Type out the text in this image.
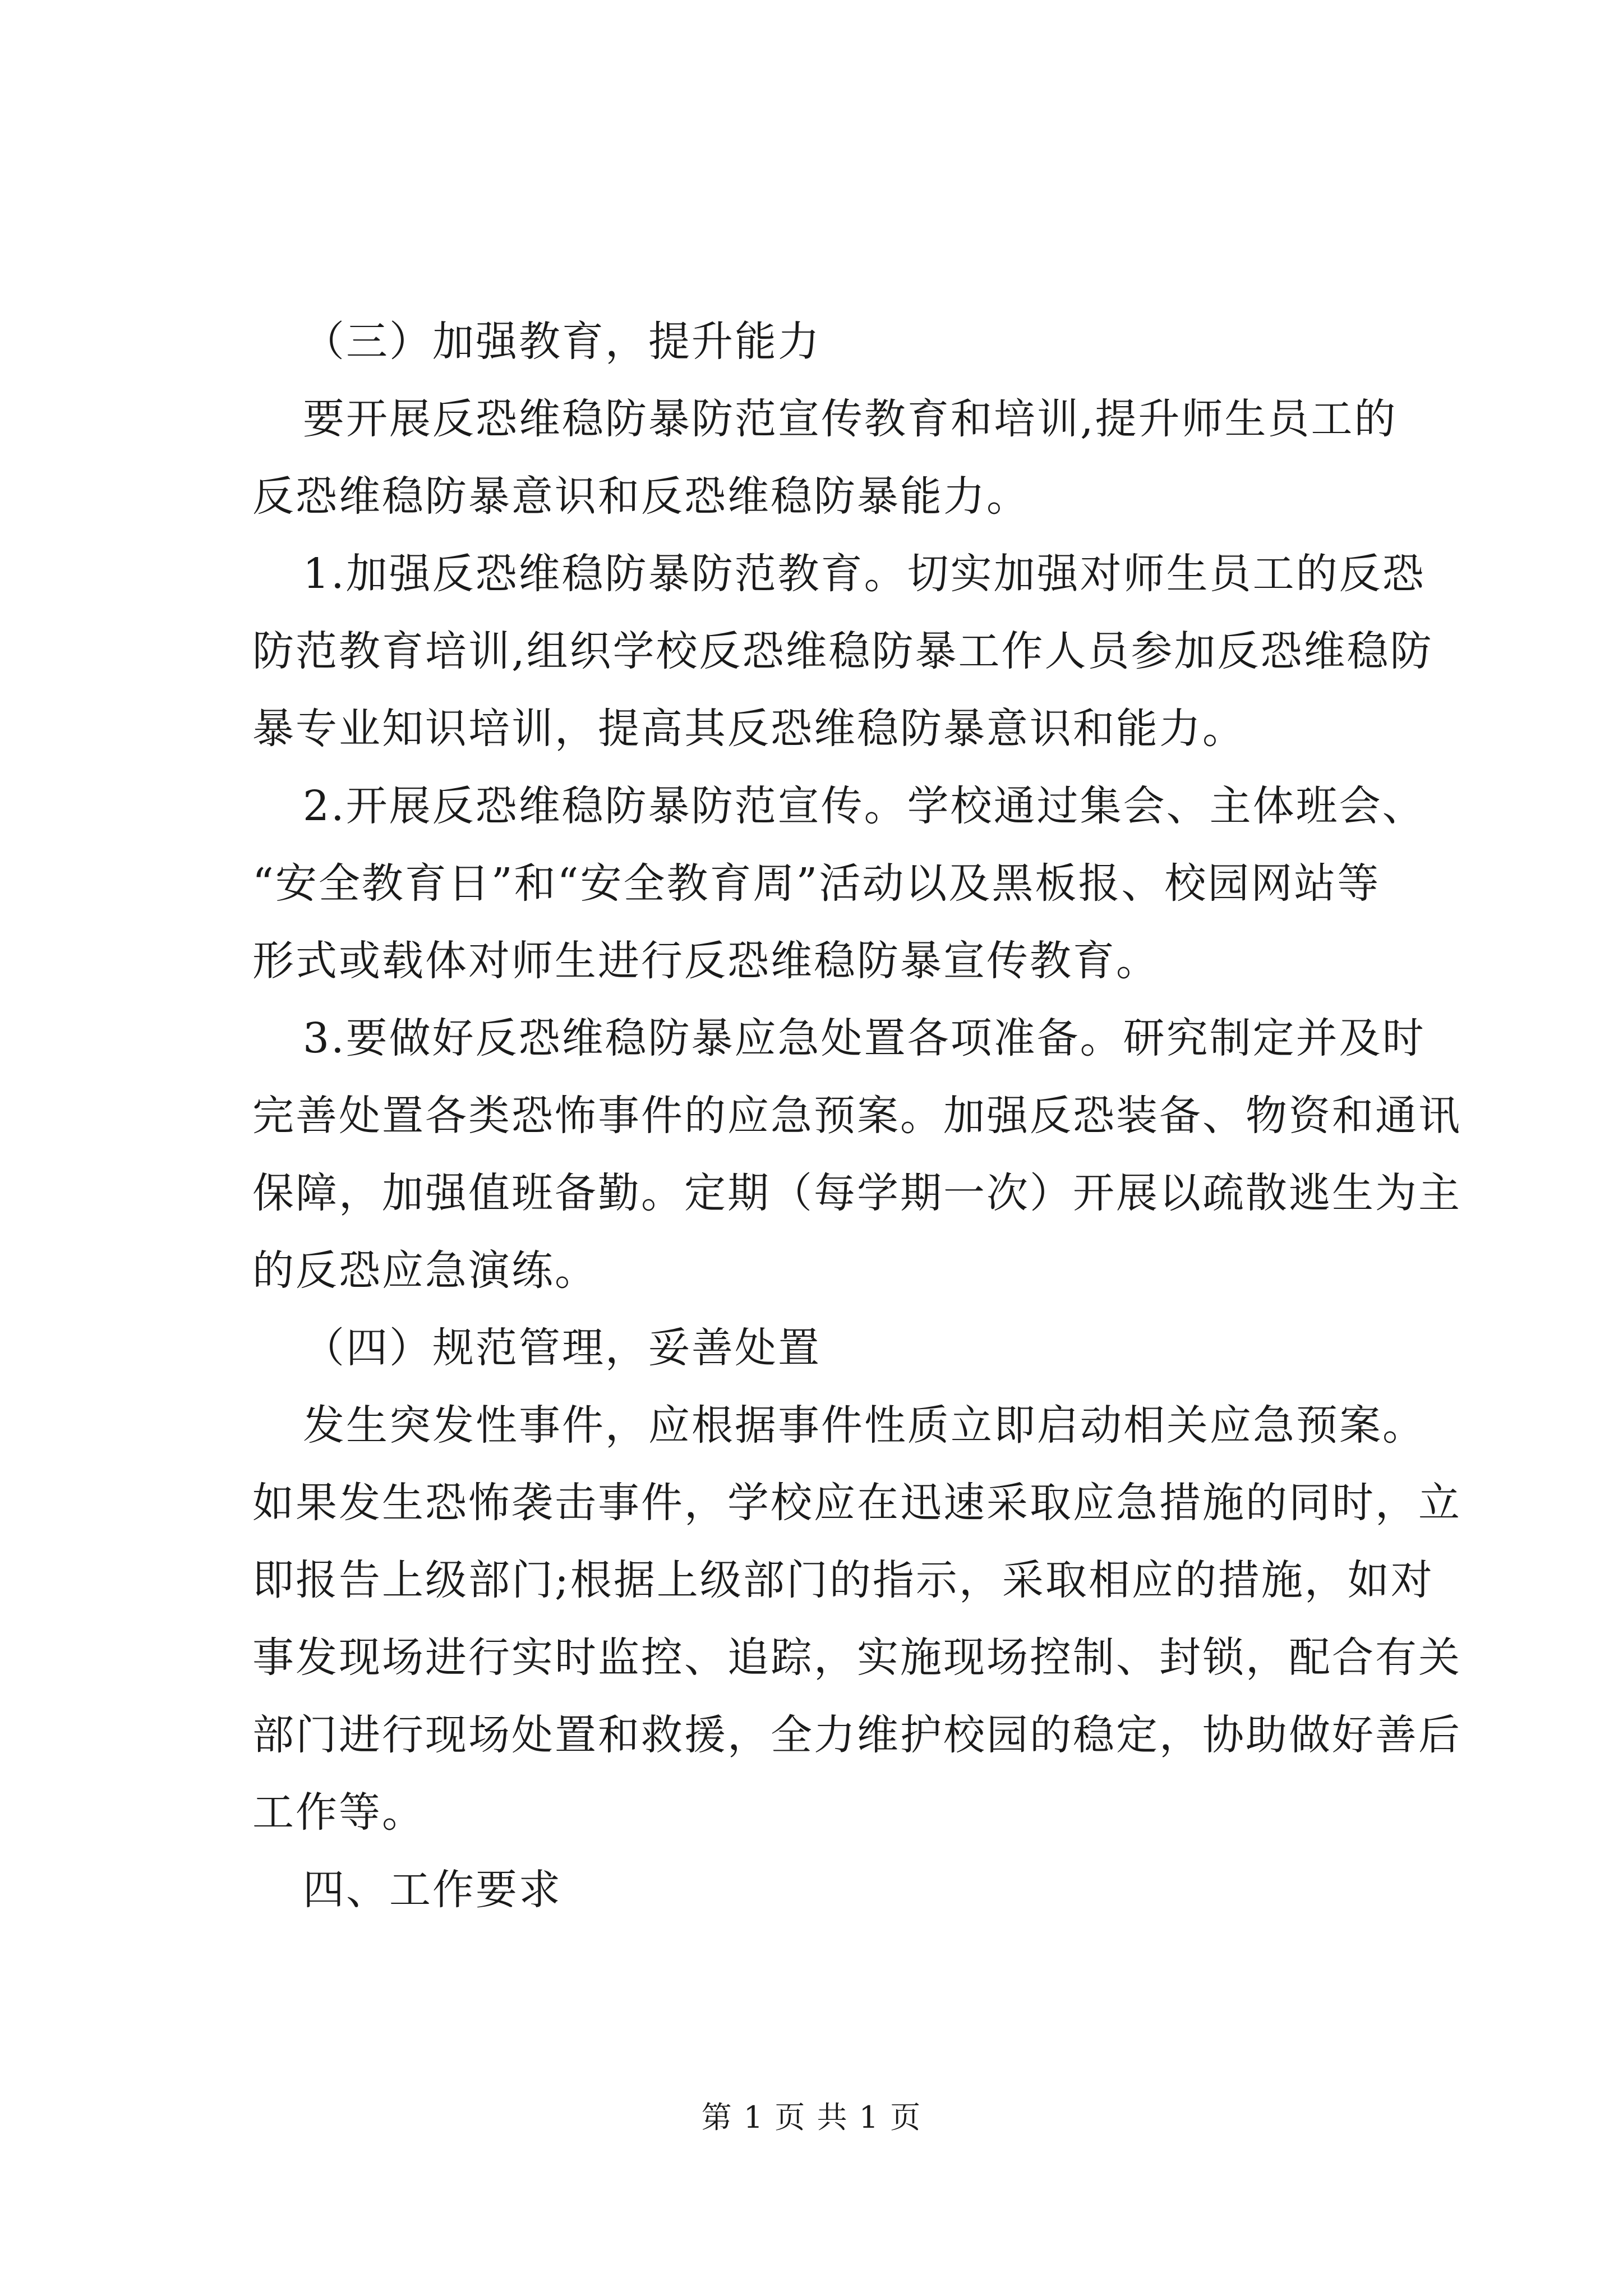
（三）加强教育，提升能力
要开展反恐维稳防暴防范宣传教育和培训,提升师生员工的
反恐维稳防暴意识和反恐维稳防暴能力。
1.加强反恐维稳防暴防范教育。切实加强对师生员工的反恐
防范教育培训,组织学校反恐维稳防暴工作人员参加反恐维稳防
暴专业知识培训，提高其反恐维稳防暴意识和能力。
2.开展反恐维稳防暴防范宣传。学校通过集会、主体班会、
“安全教育日”和“安全教育周”活动以及黑板报、校园网站等
形式或载体对师生进行反恐维稳防暴宣传教育。
3.要做好反恐维稳防暴应急处置各项准备。研究制定并及时
完善处置各类恐怖事件的应急预案。加强反恐装备、物资和通讯
保障，加强值班备勤。定期（每学期一次）开展以疏散逃生为主
的反恐应急演练。
（四）规范管理，妥善处置
发生突发性事件，应根据事件性质立即启动相关应急预案。
如果发生恐怖袭击事件，学校应在迅速采取应急措施的同时，立
即报告上级部门;根据上级部门的指示，采取相应的措施，如对
事发现场进行实时监控、追踪，实施现场控制、封锁，配合有关
部门进行现场处置和救援，全力维护校园的稳定，协助做好善后
工作等。
四、工作要求
第 1 页 共 1 页
